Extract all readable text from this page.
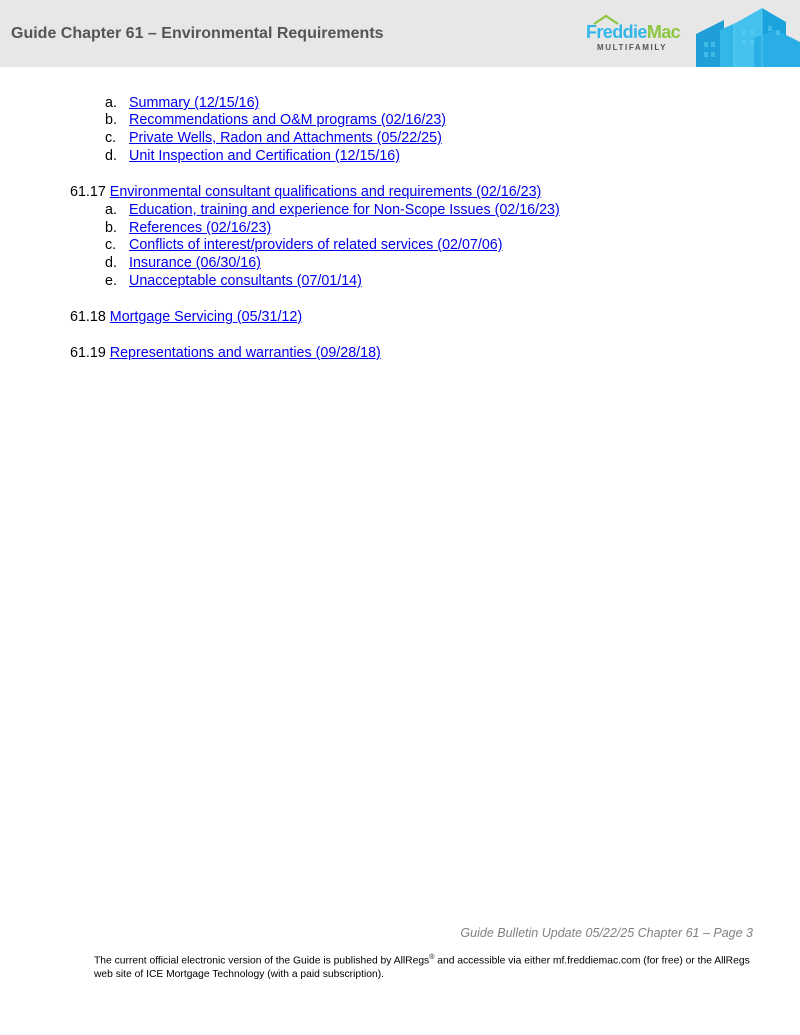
Guide Chapter 61 – Environmental Requirements	FreddieMac
MULTIFAMILY
a. Summary (12/15/16)
b. Recommendations and O&M programs (02/16/23)
c. Private Wells, Radon and Attachments (05/22/25)
d. Unit Inspection and Certification (12/15/16)
61.17 Environmental consultant qualifications and requirements (02/16/23)
a. Education, training and experience for Non-Scope Issues (02/16/23)
b. References (02/16/23)
c. Conflicts of interest/providers of related services (02/07/06)
d. Insurance (06/30/16)
e. Unacceptable consultants (07/01/14)
61.18 Mortgage Servicing (05/31/12)
61.19 Representations and warranties (09/28/18)
Guide Bulletin Update 05/22/25 Chapter 61 – Page 3
The current official electronic version of the Guide is published by AllRegs® and accessible via either mf.freddiemac.com (for free) or the AllRegs web site of ICE Mortgage Technology (with a paid subscription).
